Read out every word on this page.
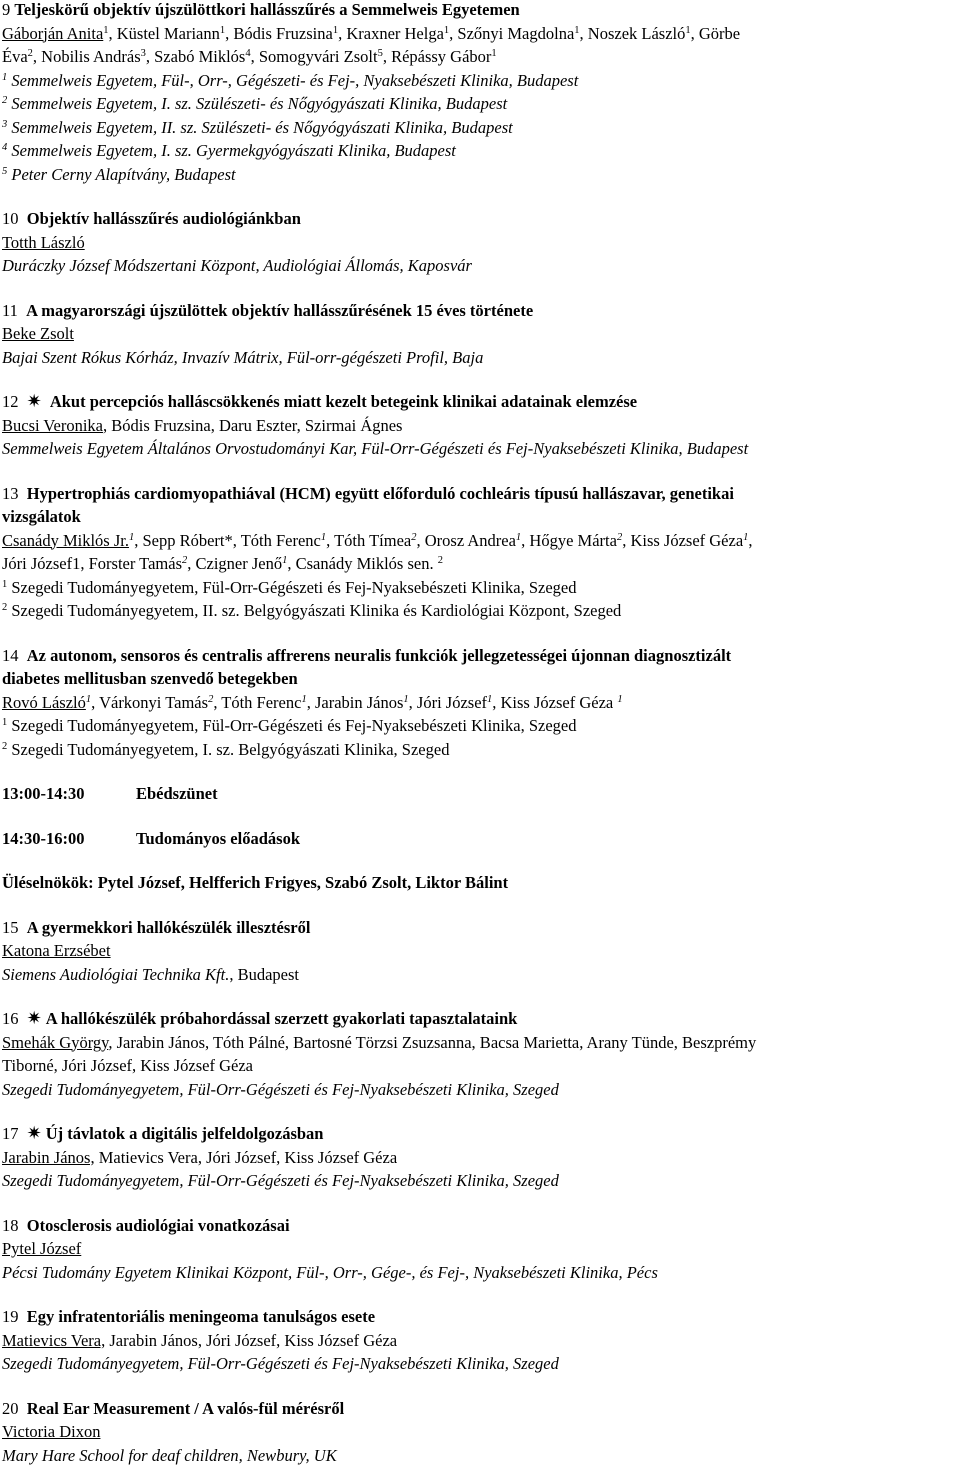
9 Teljeskörű objektív újszülöttkori hallásszűrés a Semmelweis Egyetemen
Gáborján Anita$^1$, Küstel Mariann$^1$, Bódis Fruzsina$^1$, Kraxner Helga$^1$, Szőnyi Magdolna$^1$, Noszek László$^1$, Görbe
Éva$^2$, Nobilis András$^3$, Szabó Miklós$^4$, Somogyvári Zsolt$^5$, Répássy Gábor$^1$
$^1$ Semmelweis Egyetem, Fül-, Orr-, Gégészeti- és Fej-, Nyaksebészeti Klinika, Budapest
$^2$ Semmelweis Egyetem, I. sz. Szülészeti- és Nőgyógyászati Klinika, Budapest
$^3$ Semmelweis Egyetem, II. sz. Szülészeti- és Nőgyógyászati Klinika, Budapest
$^4$ Semmelweis Egyetem, I. sz. Gyermekgyógyászati Klinika, Budapest
$^5$ Peter Cerny Alapítvány, Budapest
10 Objektív hallásszűrés audiológiánkban
Totth László
Duráczky József Módszertani Központ, Audiológiai Állomás, Kaposvár
11 A magyarországi újszülöttek objektív hallásszűrésének 15 éves története
Beke Zsolt
Bajai Szent Rókus Kórház, Invazív Mátrix, Fül-orr-gégészeti Profil, Baja
12 ✷ Akut percepciós halláscsökkenés miatt kezelt betegeink klinikai adatainak elemzése
Bucsi Veronika, Bódis Fruzsina, Daru Eszter, Szirmai Ágnes
Semmelweis Egyetem Általános Orvostudományi Kar, Fül-Orr-Gégészeti és Fej-Nyaksebészeti Klinika, Budapest
13 Hypertrophiás cardiomyopathiával (HCM) együtt előforduló cochleáris típusú hallászavar, genetikai
vizsgálatok
Csanády Miklós Jr.$^1$, Sepp Róbert*, Tóth Ferenc$^1$, Tóth Tímea$^2$, Orosz Andrea$^1$, Hőgye Márta$^2$, Kiss József Géza$^1$,
Jóri József1, Forster Tamás$^2$, Czigner Jenő$^1$, Csanády Miklós sen. $^2$
$^1$ Szegedi Tudományegyetem, Fül-Orr-Gégészeti és Fej-Nyaksebészeti Klinika, Szeged
$^2$ Szegedi Tudományegyetem, II. sz. Belgyógyászati Klinika és Kardiológiai Központ, Szeged
14 Az autonom, sensoros és centralis affrerens neuralis funkciók jellegzetességei újonnan diagnosztizált
diabetes mellitusban szenvedő betegekben
Rovó László$^1$, Várkonyi Tamás$^2$, Tóth Ferenc$^1$, Jarabin János$^1$, Jóri József$^1$, Kiss József Géza $^1$
$^1$ Szegedi Tudományegyetem, Fül-Orr-Gégészeti és Fej-Nyaksebészeti Klinika, Szeged
$^2$ Szegedi Tudományegyetem, I. sz. Belgyógyászati Klinika, Szeged
13:00-14:30	Ebédszünet
14:30-16:00	Tudományos előadások
Üléselnökök: Pytel József, Helfferich Frigyes, Szabó Zsolt, Liktor Bálint
15 A gyermekkori hallókészülék illesztésről
Katona Erzsébet
Siemens Audiológiai Technika Kft., Budapest
16 ✷ A hallókészülék próbahordással szerzett gyakorlati tapasztalataink
Smehák György, Jarabin János, Tóth Pálné, Bartosné Törzsi Zsuzsanna, Bacsa Marietta, Arany Tünde, Beszprémy
Tiborné, Jóri József, Kiss József Géza
Szegedi Tudományegyetem, Fül-Orr-Gégészeti és Fej-Nyaksebészeti Klinika, Szeged
17 ✷ Új távlatok a digitális jelfeldolgozásban
Jarabin János, Matievics Vera, Jóri József, Kiss József Géza
Szegedi Tudományegyetem, Fül-Orr-Gégészeti és Fej-Nyaksebészeti Klinika, Szeged
18 Otosclerosis audiológiai vonatkozásai
Pytel József
Pécsi Tudomány Egyetem Klinikai Központ, Fül-, Orr-, Gége-, és Fej-, Nyaksebészeti Klinika, Pécs
19 Egy infratentoriális meningeoma tanulságos esete
Matievics Vera, Jarabin János, Jóri József, Kiss József Géza
Szegedi Tudományegyetem, Fül-Orr-Gégészeti és Fej-Nyaksebészeti Klinika, Szeged
20 Real Ear Measurement / A valós-fül mérésről
Victoria Dixon
Mary Hare School for deaf children, Newbury, UK
